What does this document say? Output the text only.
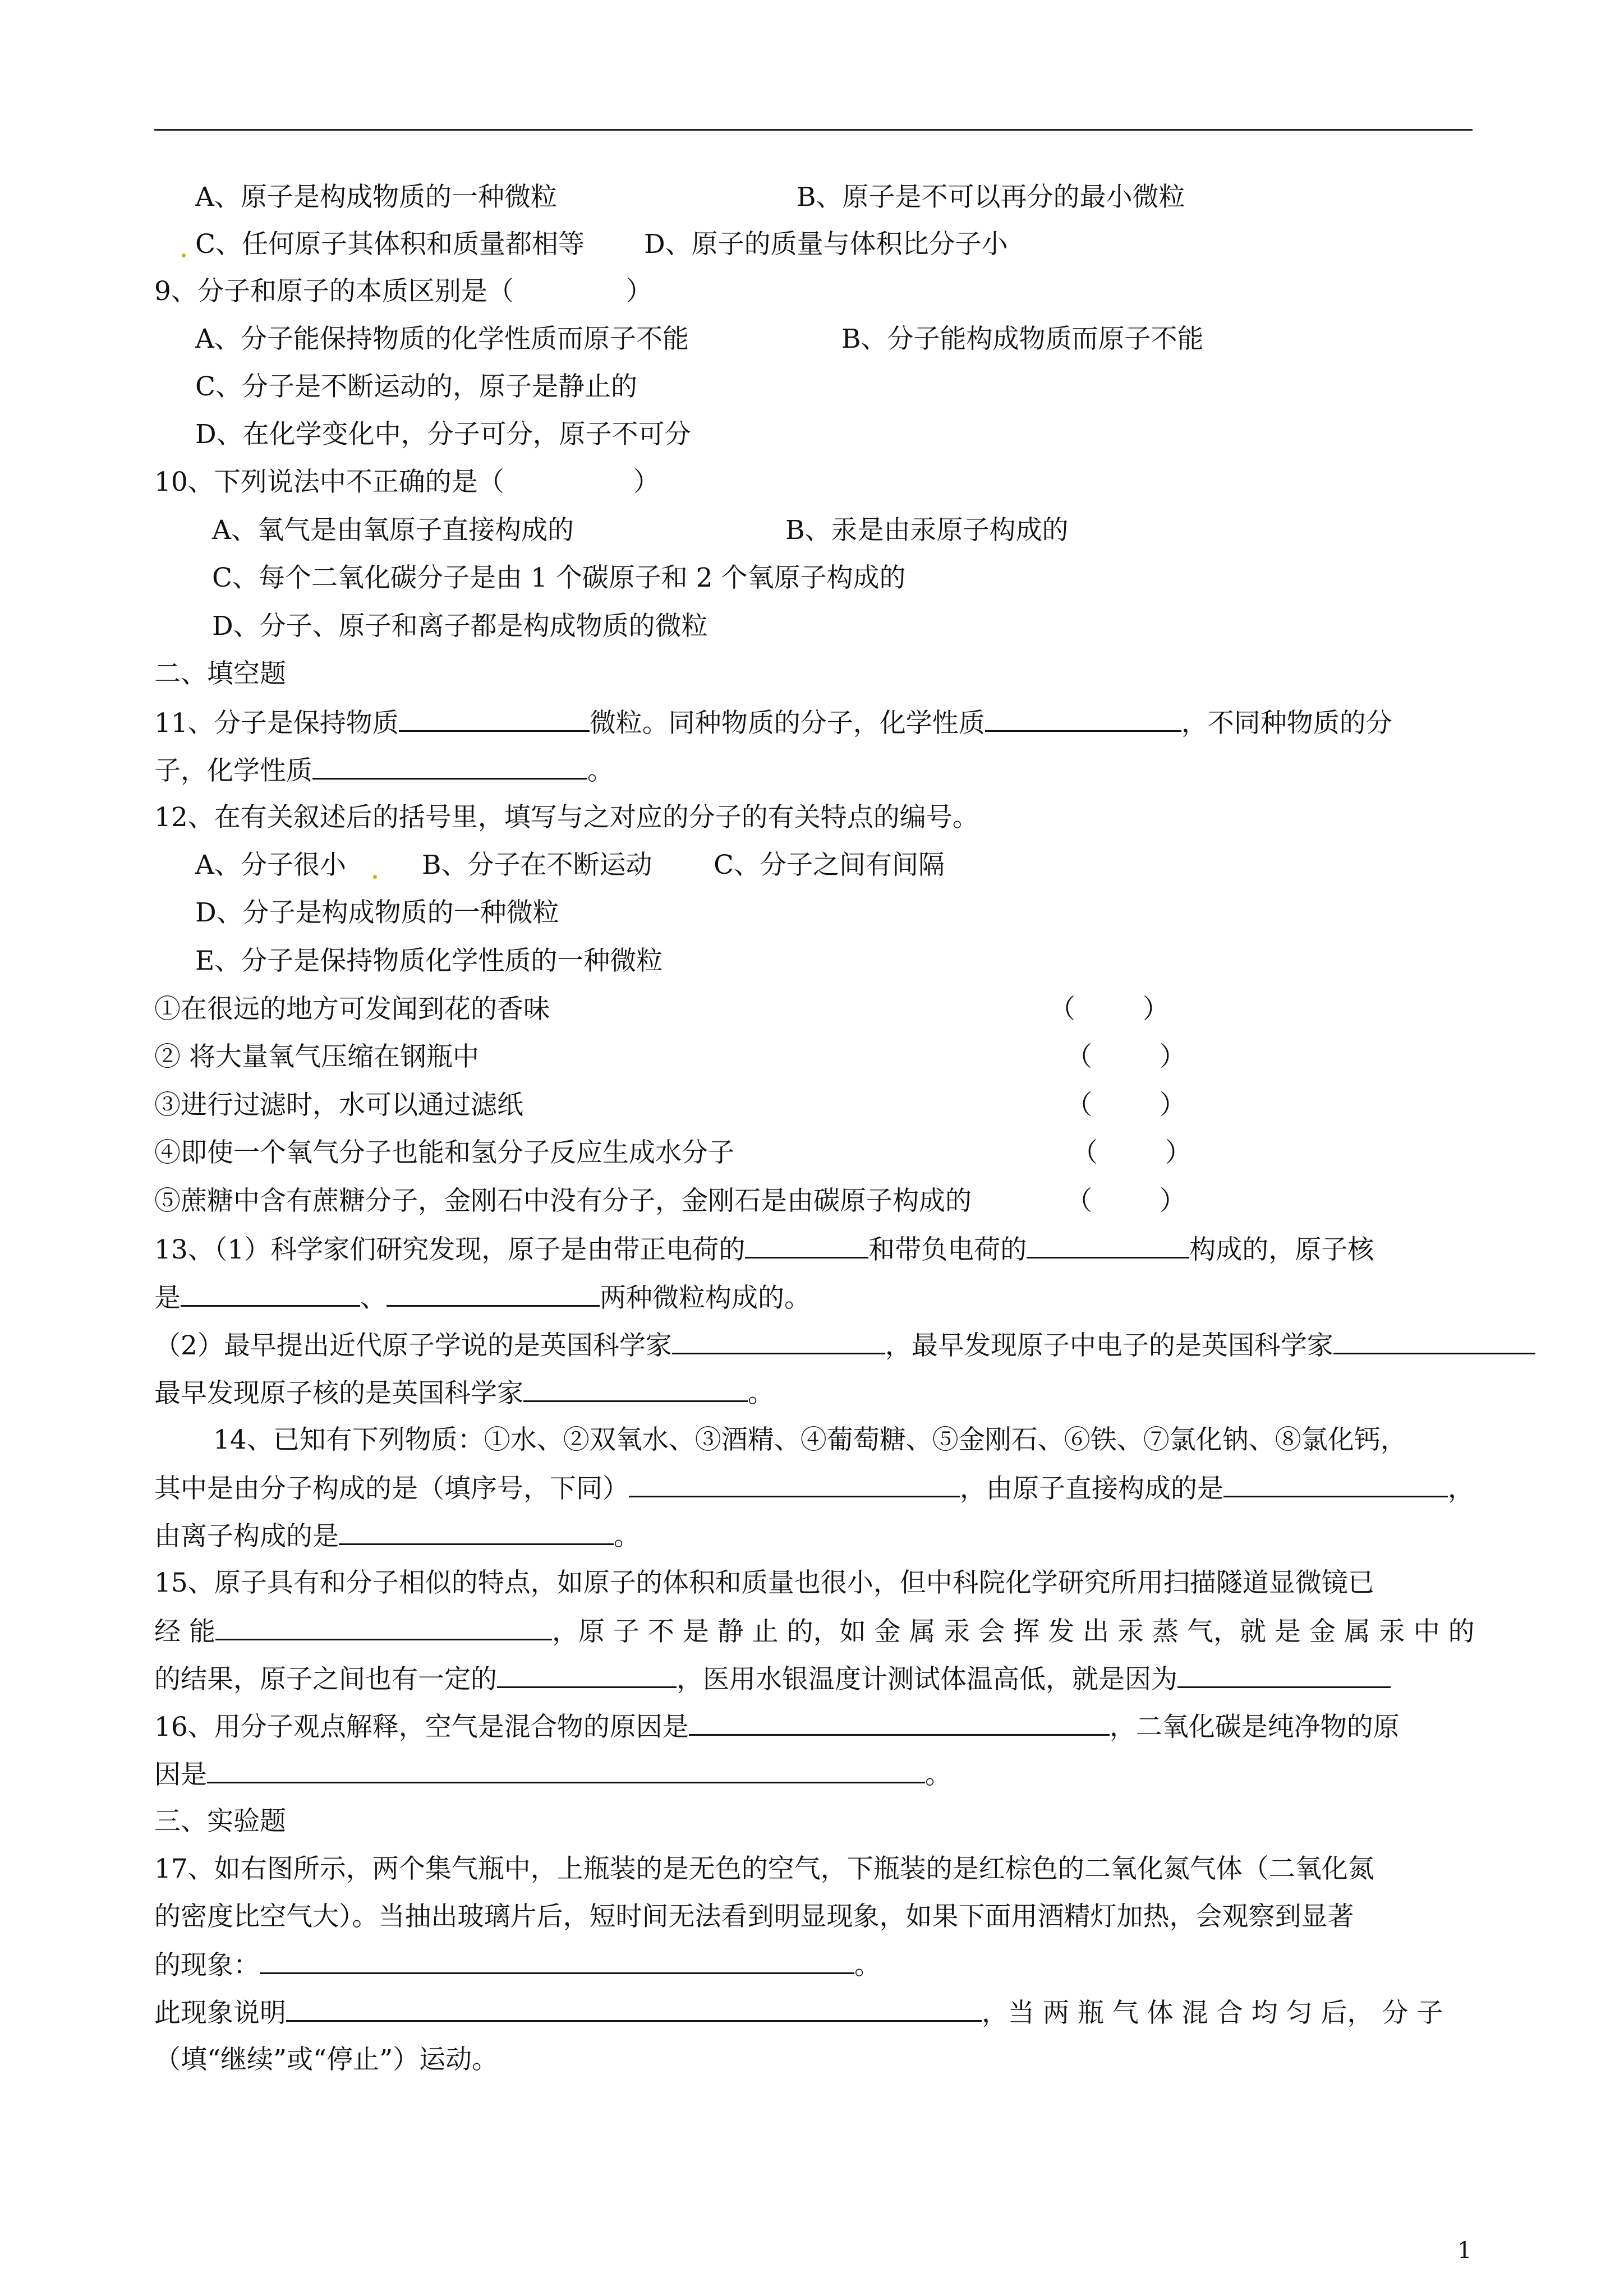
A、原子是构成物质的一种微粒	B、原子是不可以再分的最小微粒
C、任何原子其体积和质量都相等 D、原子的质量与体积比分子小
9、分子和原子的本质区别是（	）
A、分子能保持物质的化学性质而原子不能	B、分子能构成物质而原子不能
C、分子是不断运动的，原子是静止的
D、在化学变化中，分子可分，原子不可分
10、下列说法中不正确的是（	）
A、氧气是由氧原子直接构成的	B、汞是由汞原子构成的
C、每个二氧化碳分子是由 1 个碳原子和 2 个氧原子构成的
D、分子、原子和离子都是构成物质的微粒
二、填空题
11、分子是保持物质	微粒。同种物质的分子，化学性质	，不同种物质的分
子，化学性质	。
12、在有关叙述后的括号里，填写与之对应的分子的有关特点的编号。
A、分子很小	B、分子在不断运动 C、分子之间有间隔
D、分子是构成物质的一种微粒
E、分子是保持物质化学性质的一种微粒
①在很远的地方可发闻到花的香味	（	）
② 将大量氧气压缩在钢瓶中	（	）
③进行过滤时，水可以通过滤纸	（	）
④即使一个氧气分子也能和氢分子反应生成水分子	（	）
⑤蔗糖中含有蔗糖分子，金刚石中没有分子，金刚石是由碳原子构成的	（	）
13、（1）科学家们研究发现，原子是由带正电荷的	和带负电荷的	构成的，原子核
是	、	两种微粒构成的。
（2）最早提出近代原子学说的是英国科学家	，最早发现原子中电子的是英国科学家
最早发现原子核的是英国科学家	。
14、已知有下列物质：①水、②双氧水、③酒精、④葡萄糖、⑤金刚石、⑥铁、⑦氯化钠、⑧氯化钙，
其中是由分子构成的是（填序号，下同）	，由原子直接构成的是	，
由离子构成的是	。
15、原子具有和分子相似的特点，如原子的体积和质量也很小，但中科院化学研究所用扫描隧道显微镜已
经 能	，原 子 不 是 静 止 的，如 金 属 汞 会 挥 发 出 汞 蒸 气，就 是 金 属 汞 中 的
的结果，原子之间也有一定的	，医用水银温度计测试体温高低，就是因为
16、用分子观点解释，空气是混合物的原因是	，二氧化碳是纯净物的原
因是	。
三、实验题
17、如右图所示，两个集气瓶中，上瓶装的是无色的空气，下瓶装的是红棕色的二氧化氮气体（二氧化氮
的密度比空气大）。当抽出玻璃片后，短时间无法看到明显现象，如果下面用酒精灯加热，会观察到显著
的现象：	。
此现象说明	，当 两 瓶 气 体 混 合 均 匀 后， 分 子
（填“继续”或“停止”）运动。
1
